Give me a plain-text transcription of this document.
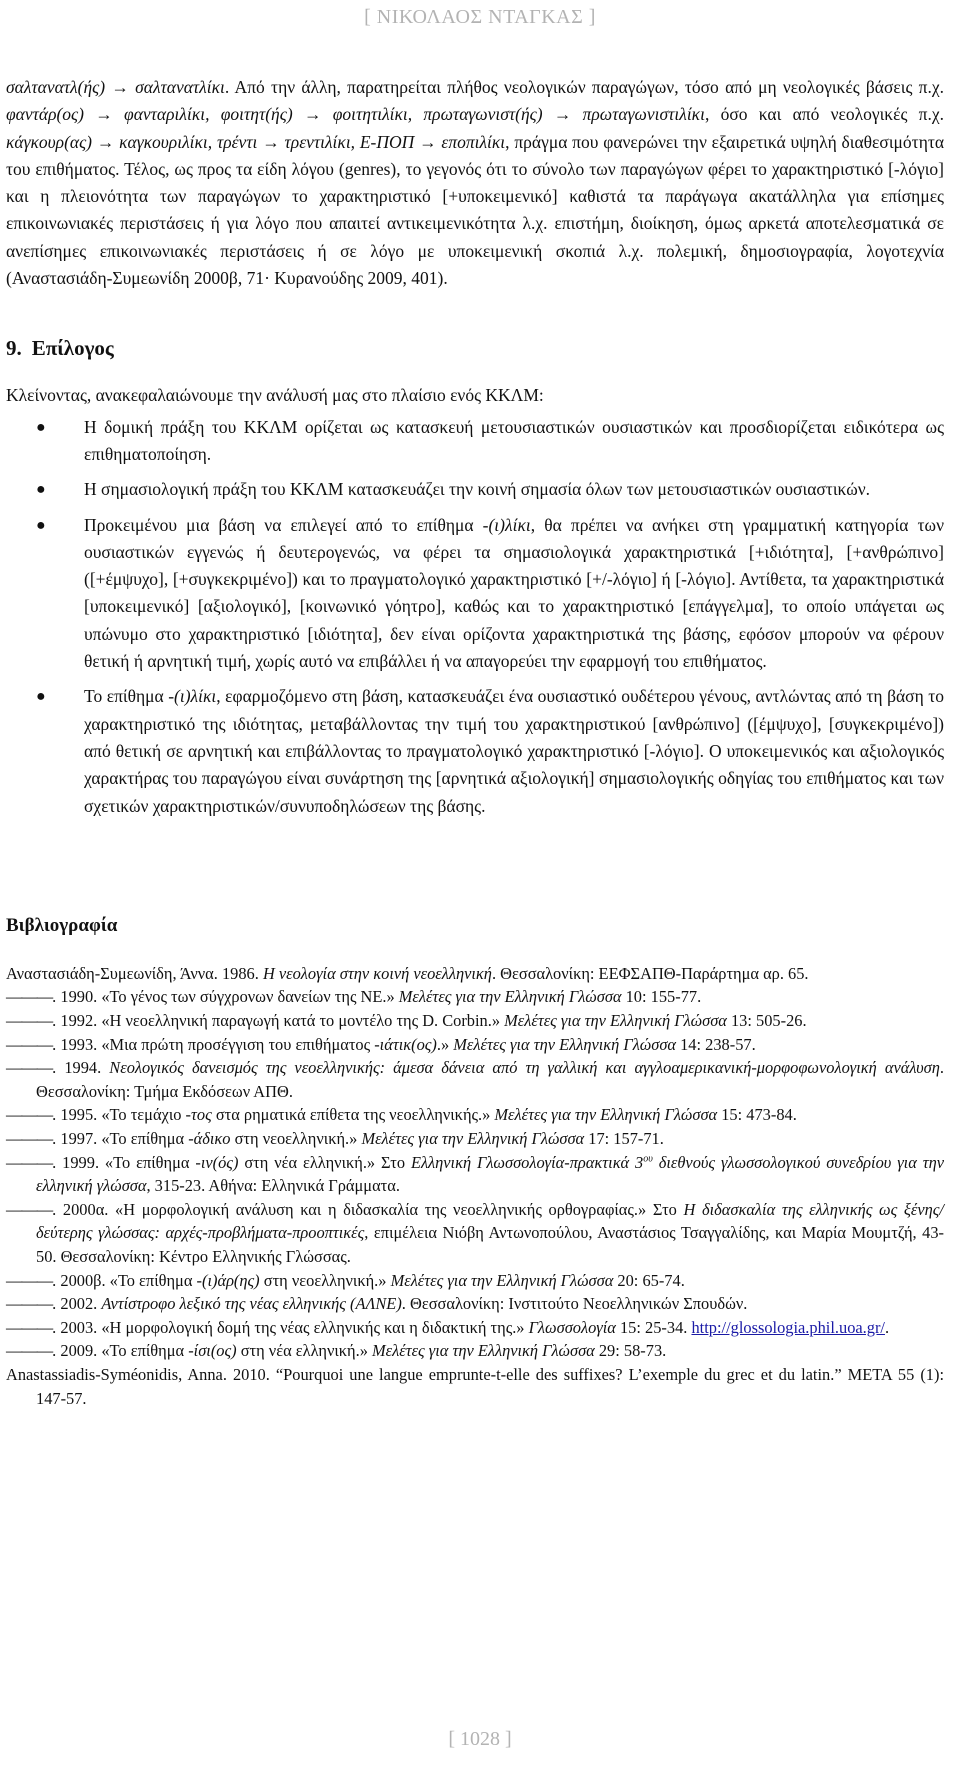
[ ΝΙΚΟΛΑΟΣ ΝΤΑΓΚΑΣ ]

σαλτανατλ(ής) → σαλτανατλίκι. Από την άλλη, παρατηρείται πλήθος νεολογικών παραγώγων, τόσο από μη νεολογικές βάσεις π.χ. φαντάρ(ος) → φανταριλίκι, φοιτητ(ής) → φοιτητιλίκι, πρωταγωνιστ(ής) → πρωταγωνιστιλίκι, όσο και από νεολογικές π.χ. κάγκουρ(ας) → καγκουριλίκι, τρέντι → τρεντιλίκι, Ε-ΠΟΠ → εποπιλίκι, πράγμα που φανερώνει την εξαιρετικά υψηλή διαθεσιμότητα του επιθήματος. Τέλος, ως προς τα είδη λόγου (genres), το γεγονός ότι το σύνολο των παραγώγων φέρει το χαρακτηριστικό [-λόγιο] και η πλειονότητα των παραγώγων το χαρακτηριστικό [+υποκειμενικό] καθιστά τα παράγωγα ακατάλληλα για επίσημες επικοινωνιακές περιστάσεις ή για λόγο που απαιτεί αντικειμενικότητα λ.χ. επιστήμη, διοίκηση, όμως αρκετά αποτελεσματικά σε ανεπίσημες επικοινωνιακές περιστάσεις ή σε λόγο με υποκειμενική σκοπιά λ.χ. πολεμική, δημοσιογραφία, λογοτεχνία (Αναστασιάδη-Συμεωνίδη 2000β, 71· Κυρανούδης 2009, 401).

9. Επίλογος

Κλείνοντας, ανακεφαλαιώνουμε την ανάλυσή μας στο πλαίσιο ενός ΚΚΛΜ:

● Η δομική πράξη του ΚΚΛΜ ορίζεται ως κατασκευή μετουσιαστικών ουσιαστικών και προσδιορίζεται ειδικότερα ως επιθηματοποίηση.
● Η σημασιολογική πράξη του ΚΚΛΜ κατασκευάζει την κοινή σημασία όλων των μετουσιαστικών ουσιαστικών.
● Προκειμένου μια βάση να επιλεγεί από το επίθημα -(ι)λίκι, θα πρέπει να ανήκει στη γραμματική κατηγορία των ουσιαστικών εγγενώς ή δευτερογενώς, να φέρει τα σημασιολογικά χαρακτηριστικά [+ιδιότητα], [+ανθρώπινο] ([+έμψυχο], [+συγκεκριμένο]) και το πραγματολογικό χαρακτηριστικό [+/-λόγιο] ή [-λόγιο]. Αντίθετα, τα χαρακτηριστικά [υποκειμενικό] [αξιολογικό], [κοινωνικό γόητρο], καθώς και το χαρακτηριστικό [επάγγελμα], το οποίο υπάγεται ως υπώνυμο στο χαρακτηριστικό [ιδιότητα], δεν είναι ορίζοντα χαρακτηριστικά της βάσης, εφόσον μπορούν να φέρουν θετική ή αρνητική τιμή, χωρίς αυτό να επιβάλλει ή να απαγορεύει την εφαρμογή του επιθήματος.
● Το επίθημα -(ι)λίκι, εφαρμοζόμενο στη βάση, κατασκευάζει ένα ουσιαστικό ουδέτερου γένους, αντλώντας από τη βάση το χαρακτηριστικό της ιδιότητας, μεταβάλλοντας την τιμή του χαρακτηριστικού [ανθρώπινο] ([έμψυχο], [συγκεκριμένο]) από θετική σε αρνητική και επιβάλλοντας το πραγματολογικό χαρακτηριστικό [-λόγιο]. Ο υποκειμενικός και αξιολογικός χαρακτήρας του παραγώγου είναι συνάρτηση της [αρνητικά αξιολογική] σημασιολογικής οδηγίας του επιθήματος και των σχετικών χαρακτηριστικών/συνυποδηλώσεων της βάσης.
Βιβλιογραφία

Αναστασιάδη-Συμεωνίδη, Άννα. 1986. Η νεολογία στην κοινή νεοελληνική. Θεσσαλονίκη: ΕΕΦΣΑΠΘ-Παράρτημα αρ. 65.

———. 1990. «Το γένος των σύγχρονων δανείων της ΝΕ.» Μελέτες για την Ελληνική Γλώσσα 10: 155-77.

———. 1992. «Η νεοελληνική παραγωγή κατά το μοντέλο της D. Corbin.» Μελέτες για την Ελληνική Γλώσσα 13: 505-26.

———. 1993. «Μια πρώτη προσέγγιση του επιθήματος -ιάτικ(ος).» Μελέτες για την Ελληνική Γλώσσα 14: 238-57.

———. 1994. Νεολογικός δανεισμός της νεοελληνικής: άμεσα δάνεια από τη γαλλική και αγγλοαμερικανική-μορφοφωνολογική ανάλυση. Θεσσαλονίκη: Τμήμα Εκδόσεων ΑΠΘ.

———. 1995. «Το τεμάχιο -τος στα ρηματικά επίθετα της νεοελληνικής.» Μελέτες για την Ελληνική Γλώσσα 15: 473-84.

———. 1997. «Το επίθημα -άδικο στη νεοελληνική.» Μελέτες για την Ελληνική Γλώσσα 17: 157-71.

———. 1999. «Το επίθημα -ιν(ός) στη νέα ελληνική.» Στο Ελληνική Γλωσσολογία-πρακτικά $3^{o\upsilon}$ διεθνούς γλωσσολογικού συνεδρίου για την ελληνική γλώσσα, 315-23. Αθήνα: Ελληνικά Γράμματα.

———. 2000α. «Η μορφολογική ανάλυση και η διδασκαλία της νεοελληνικής ορθογραφίας.» Στο Η διδασκαλία της ελληνικής ως ξένης/δεύτερης γλώσσας: αρχές-προβλήματα-προοπτικές, επιμέλεια Νιόβη Αντωνοπούλου, Αναστάσιος Τσαγγαλίδης, και Μαρία Μουμτζή, 43-50. Θεσσαλονίκη: Κέντρο Ελληνικής Γλώσσας.

———. 2000β. «Το επίθημα -(ι)άρ(ης) στη νεοελληνική.» Μελέτες για την Ελληνική Γλώσσα 20: 65-74.

———. 2002. Αντίστροφο λεξικό της νέας ελληνικής (ΑΛΝΕ). Θεσσαλονίκη: Ινστιτούτο Νεοελληνικών Σπουδών.

———. 2003. «Η μορφολογική δομή της νέας ελληνικής και η διδακτική της.» Γλωσσολογία 15: 25-34. http://glossologia.phil.uoa.gr/.

———. 2009. «Το επίθημα -ίσι(ος) στη νέα ελληνική.» Μελέτες για την Ελληνική Γλώσσα 29: 58-73.

Anastassiadis-Syméonidis, Anna. 2010. “Pourquoi une langue emprunte-t-elle des suffixes? L’exemple du grec et du latin.” META 55 (1): 147-57.

[ 1028 ]
